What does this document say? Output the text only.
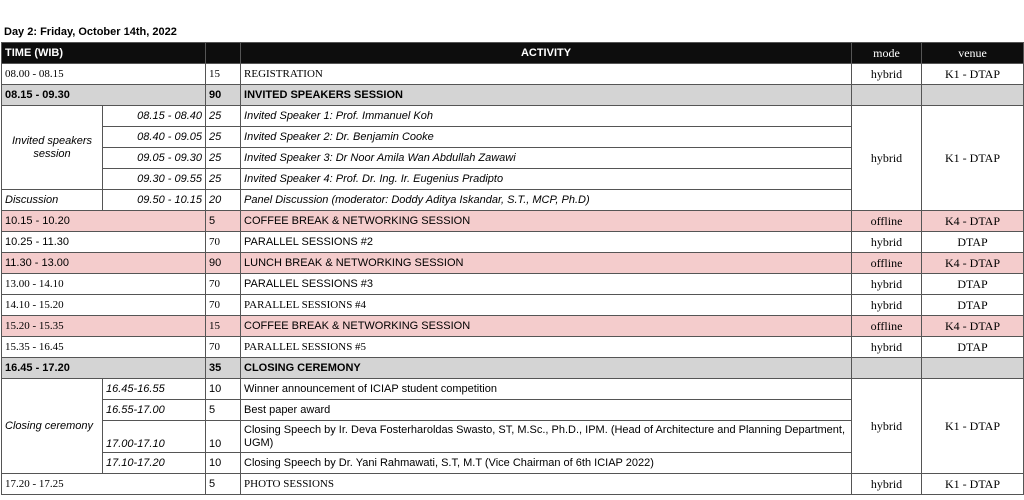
Day 2: Friday, October 14th, 2022
TIME (WIB)			ACTIVITY	mode	venue
08.00 - 08.15		15	REGISTRATION	hybrid	K1 - DTAP
08.15 - 09.30		90	INVITED SPEAKERS SESSION		
Invited speakers session	08.15 - 08.40	25	Invited Speaker 1: Prof. Immanuel Koh	hybrid	K1 - DTAP
	08.40 - 09.05	25	Invited Speaker 2: Dr. Benjamin Cooke		
	09.05 - 09.30	25	Invited Speaker 3: Dr Noor Amila Wan Abdullah Zawawi		
	09.30 - 09.55	25	Invited Speaker 4: Prof. Dr. Ing. Ir. Eugenius Pradipto		
Discussion	09.50 - 10.15	20	Panel Discussion (moderator: Doddy Aditya Iskandar, S.T., MCP, Ph.D)		
10.15 - 10.20		5	COFFEE BREAK & NETWORKING SESSION	offline	K4 - DTAP
10.25 - 11.30		70	PARALLEL SESSIONS #2	hybrid	DTAP
11.30 - 13.00		90	LUNCH BREAK & NETWORKING SESSION	offline	K4 - DTAP
13.00 - 14.10		70	PARALLEL SESSIONS #3	hybrid	DTAP
14.10 - 15.20		70	PARALLEL SESSIONS #4	hybrid	DTAP
15.20 - 15.35		15	COFFEE BREAK & NETWORKING SESSION	offline	K4 - DTAP
15.35 - 16.45		70	PARALLEL SESSIONS #5	hybrid	DTAP
16.45 - 17.20		35	CLOSING CEREMONY		
Closing ceremony	16.45-16.55	10	Winner announcement of ICIAP student competition	hybrid	K1 - DTAP
	16.55-17.00	5	Best paper award		
	17.00-17.10	10	Closing Speech by Ir. Deva Fosterharoldas Swasto, ST, M.Sc., Ph.D., IPM. (Head of Architecture and Planning Department, UGM)		
	17.10-17.20	10	Closing Speech by Dr. Yani Rahmawati, S.T, M.T (Vice Chairman of 6th ICIAP 2022)		
17.20 - 17.25		5	PHOTO SESSIONS	hybrid	K1 - DTAP
